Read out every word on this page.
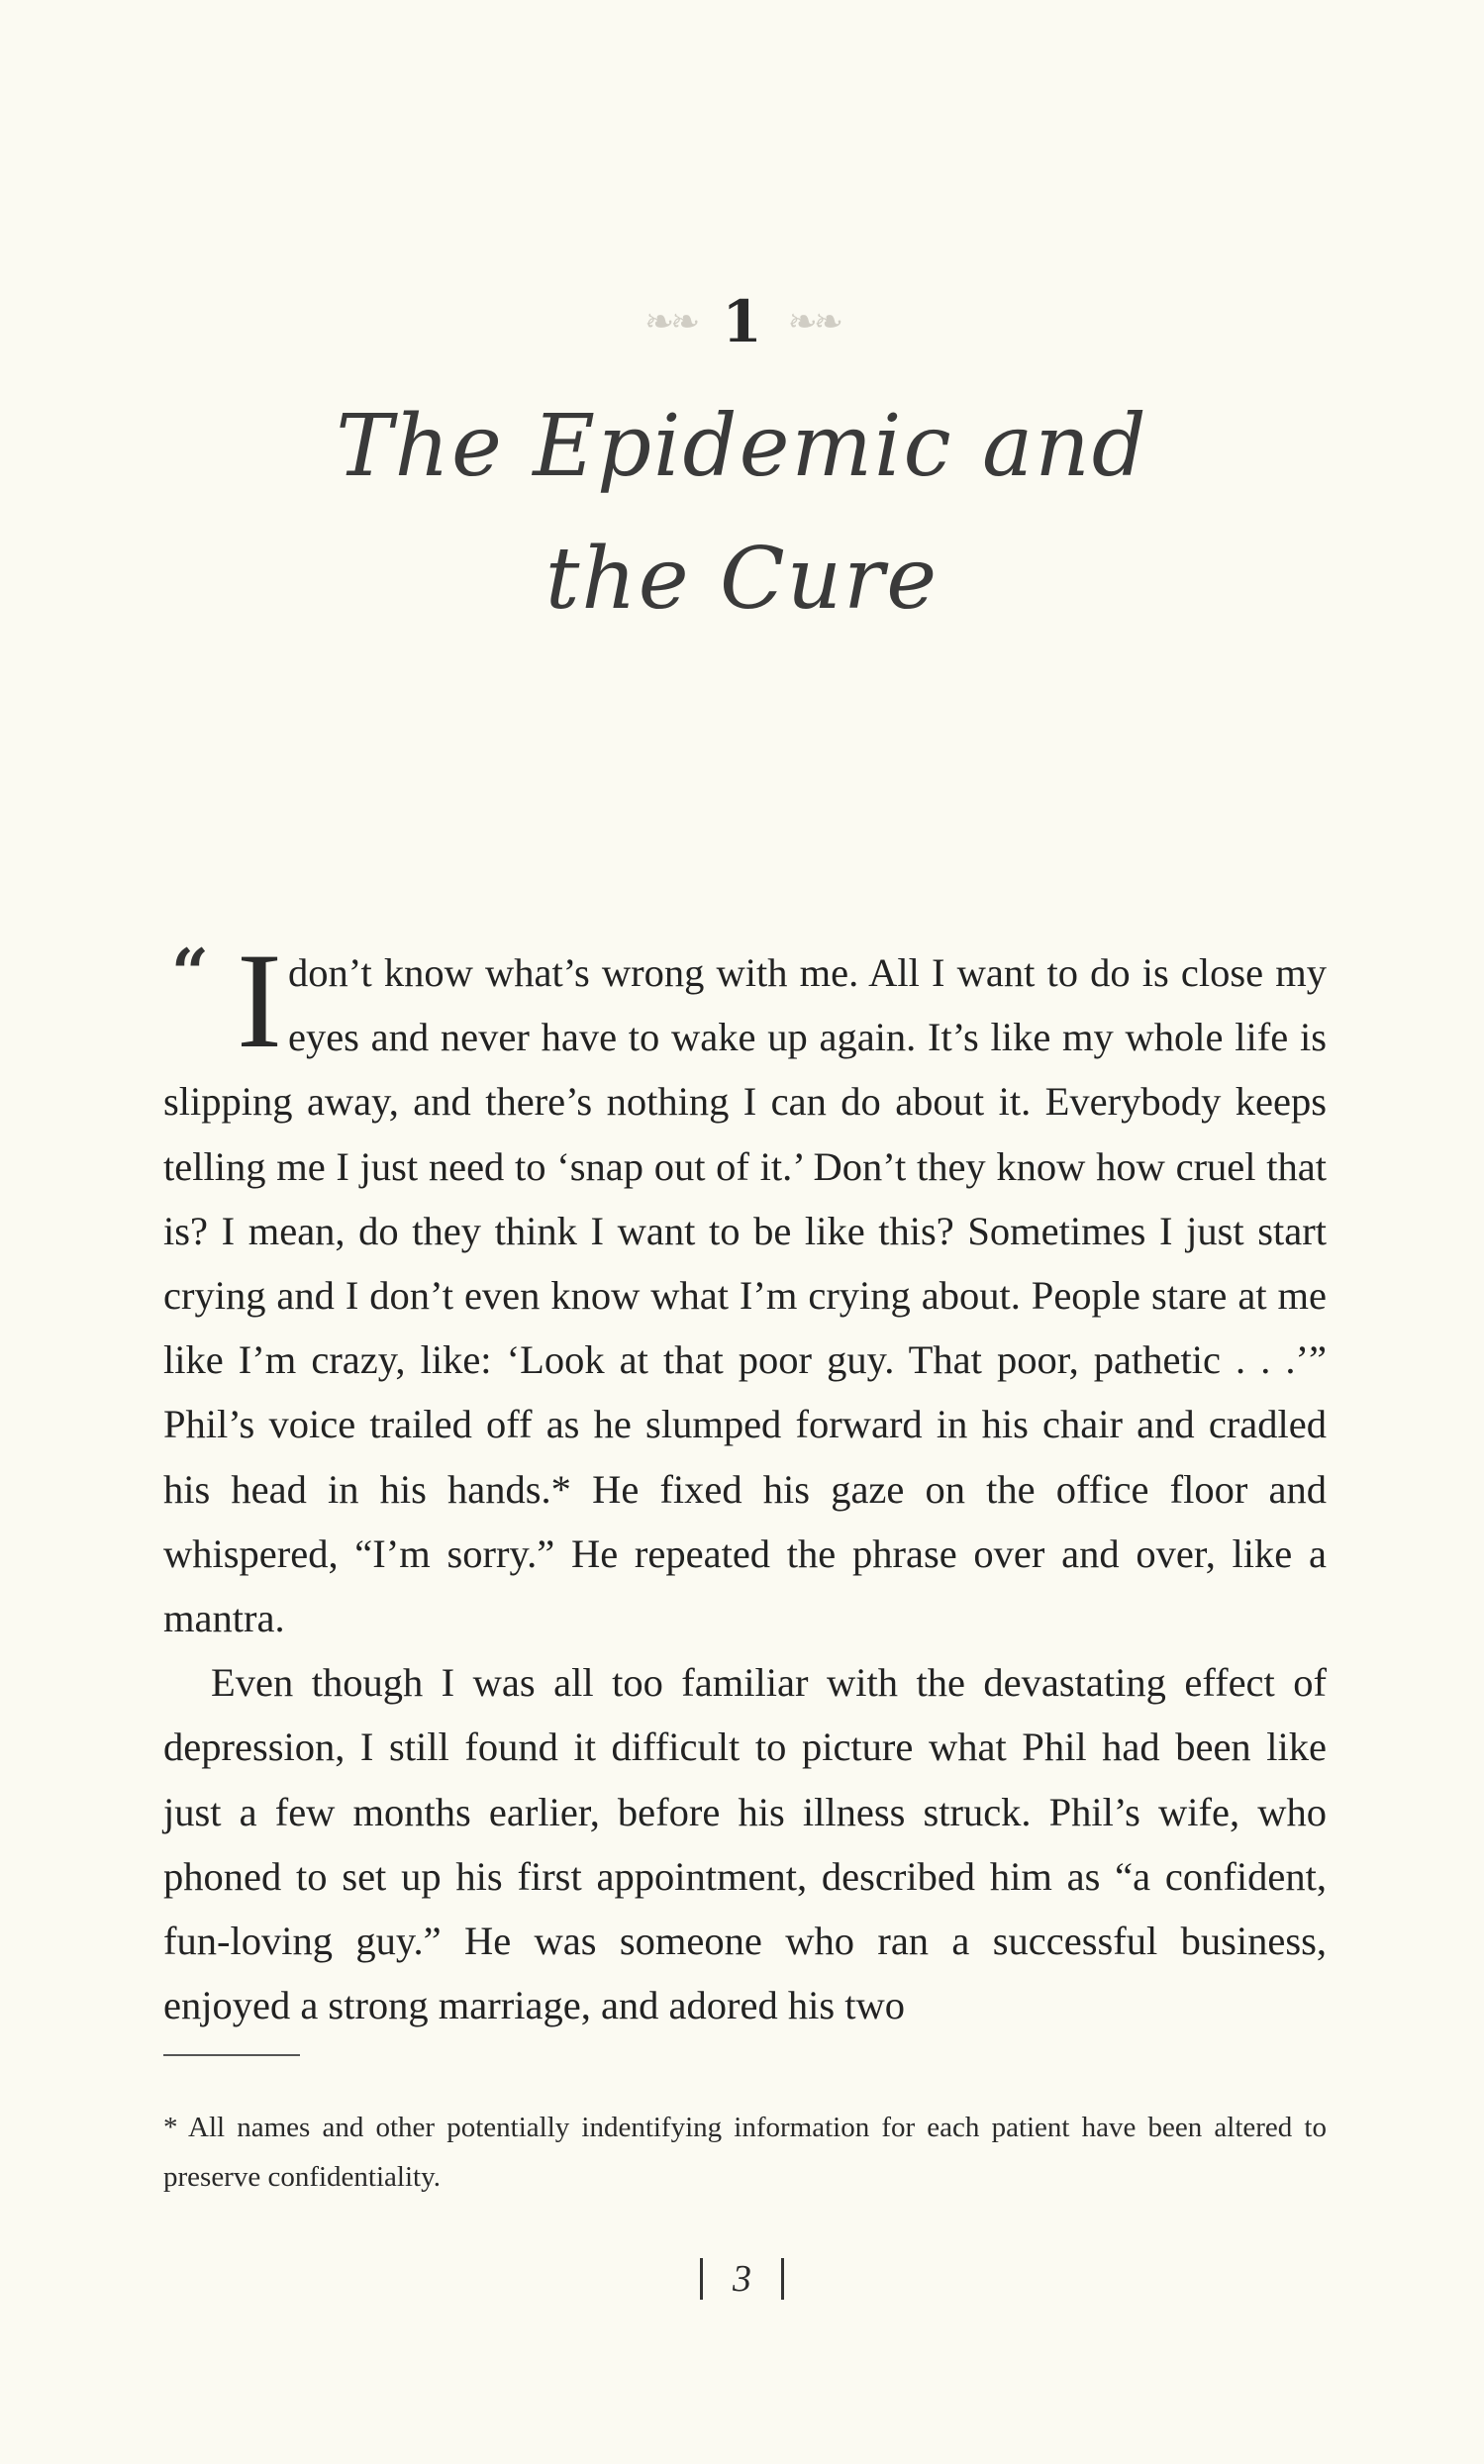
❧❧ 1 ❧❧
The Epidemic and
the Cure

“ I don’t know what’s wrong with me. All I want to do is close my eyes and never have to wake up again. It’s like my whole life is slipping away, and there’s nothing I can do about it. Everybody keeps telling me I just need to ‘snap out of it.’ Don’t they know how cruel that is? I mean, do they think I want to be like this? Sometimes I just start crying and I don’t even know what I’m crying about. People stare at me like I’m crazy, like: ‘Look at that poor guy. That poor, pathetic . . .’” Phil’s voice trailed off as he slumped forward in his chair and cradled his head in his hands.* He fixed his gaze on the office floor and whispered, “I’m sorry.” He repeated the phrase over and over, like a mantra.

Even though I was all too familiar with the devastating effect of depression, I still found it difficult to picture what Phil had been like just a few months earlier, before his illness struck. Phil’s wife, who phoned to set up his first appointment, described him as “a confident, fun-loving guy.” He was someone who ran a successful business, enjoyed a strong marriage, and adored his two

* All names and other potentially indentifying information for each patient have been altered to preserve confidentiality.

3
